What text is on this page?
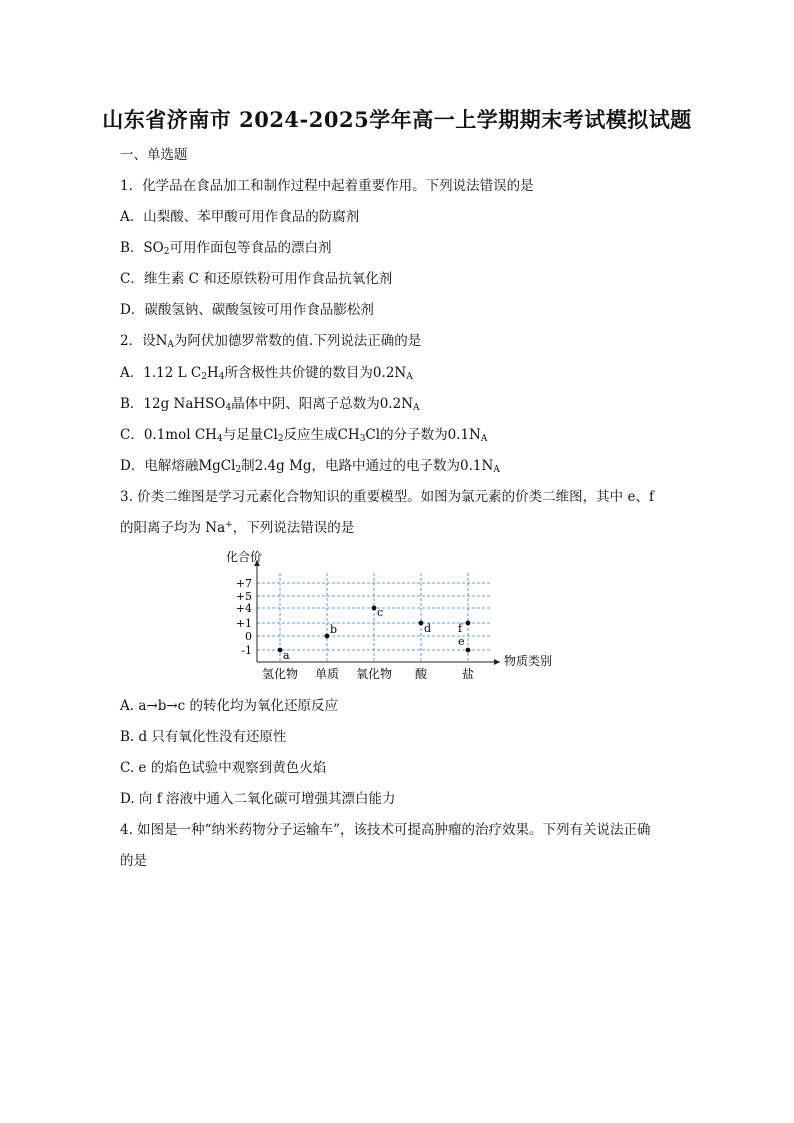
山东省济南市 2024-2025学年高一上学期期末考试模拟试题
一、单选题
1．化学品在食品加工和制作过程中起着重要作用。下列说法错误的是
A．山梨酸、苯甲酸可用作食品的防腐剂
B．$SO_2$可用作面包等食品的漂白剂
C．维生素 C 和还原铁粉可用作食品抗氧化剂
D．碳酸氢钠、碳酸氢铵可用作食品膨松剂
2．设$N_A$为阿伏加德罗常数的值.下列说法正确的是
A．1.12 L $C_2H_4$所含极性共价键的数目为$0.2N_A$
B．12g NaHSO$_4$晶体中阴、阳离子总数为$0.2N_A$
C．0.1mol $CH_4$与足量$Cl_2$反应生成$CH_3Cl$的分子数为$0.1N_A$
D．电解熔融MgCl$_2$制2.4g Mg，电路中通过的电子数为$0.1N_A$
3. 价类二维图是学习元素化合物知识的重要模型。如图为氯元素的价类二维图，其中 e、f
的阳离子均为 Na+，下列说法错误的是
化合价
物质类别
+7
+5
+4
+1
0
-1
氢化物 单质 氧化物 酸	盐
a
b
c
d f
e
A. a→b→c 的转化均为氧化还原反应
B. d 只有氧化性没有还原性
C. e 的焰色试验中观察到黄色火焰
D. 向 f 溶液中通入二氧化碳可增强其漂白能力
4. 如图是一种“纳米药物分子运输车”，该技术可提高肿瘤的治疗效果。下列有关说法正确
的是
